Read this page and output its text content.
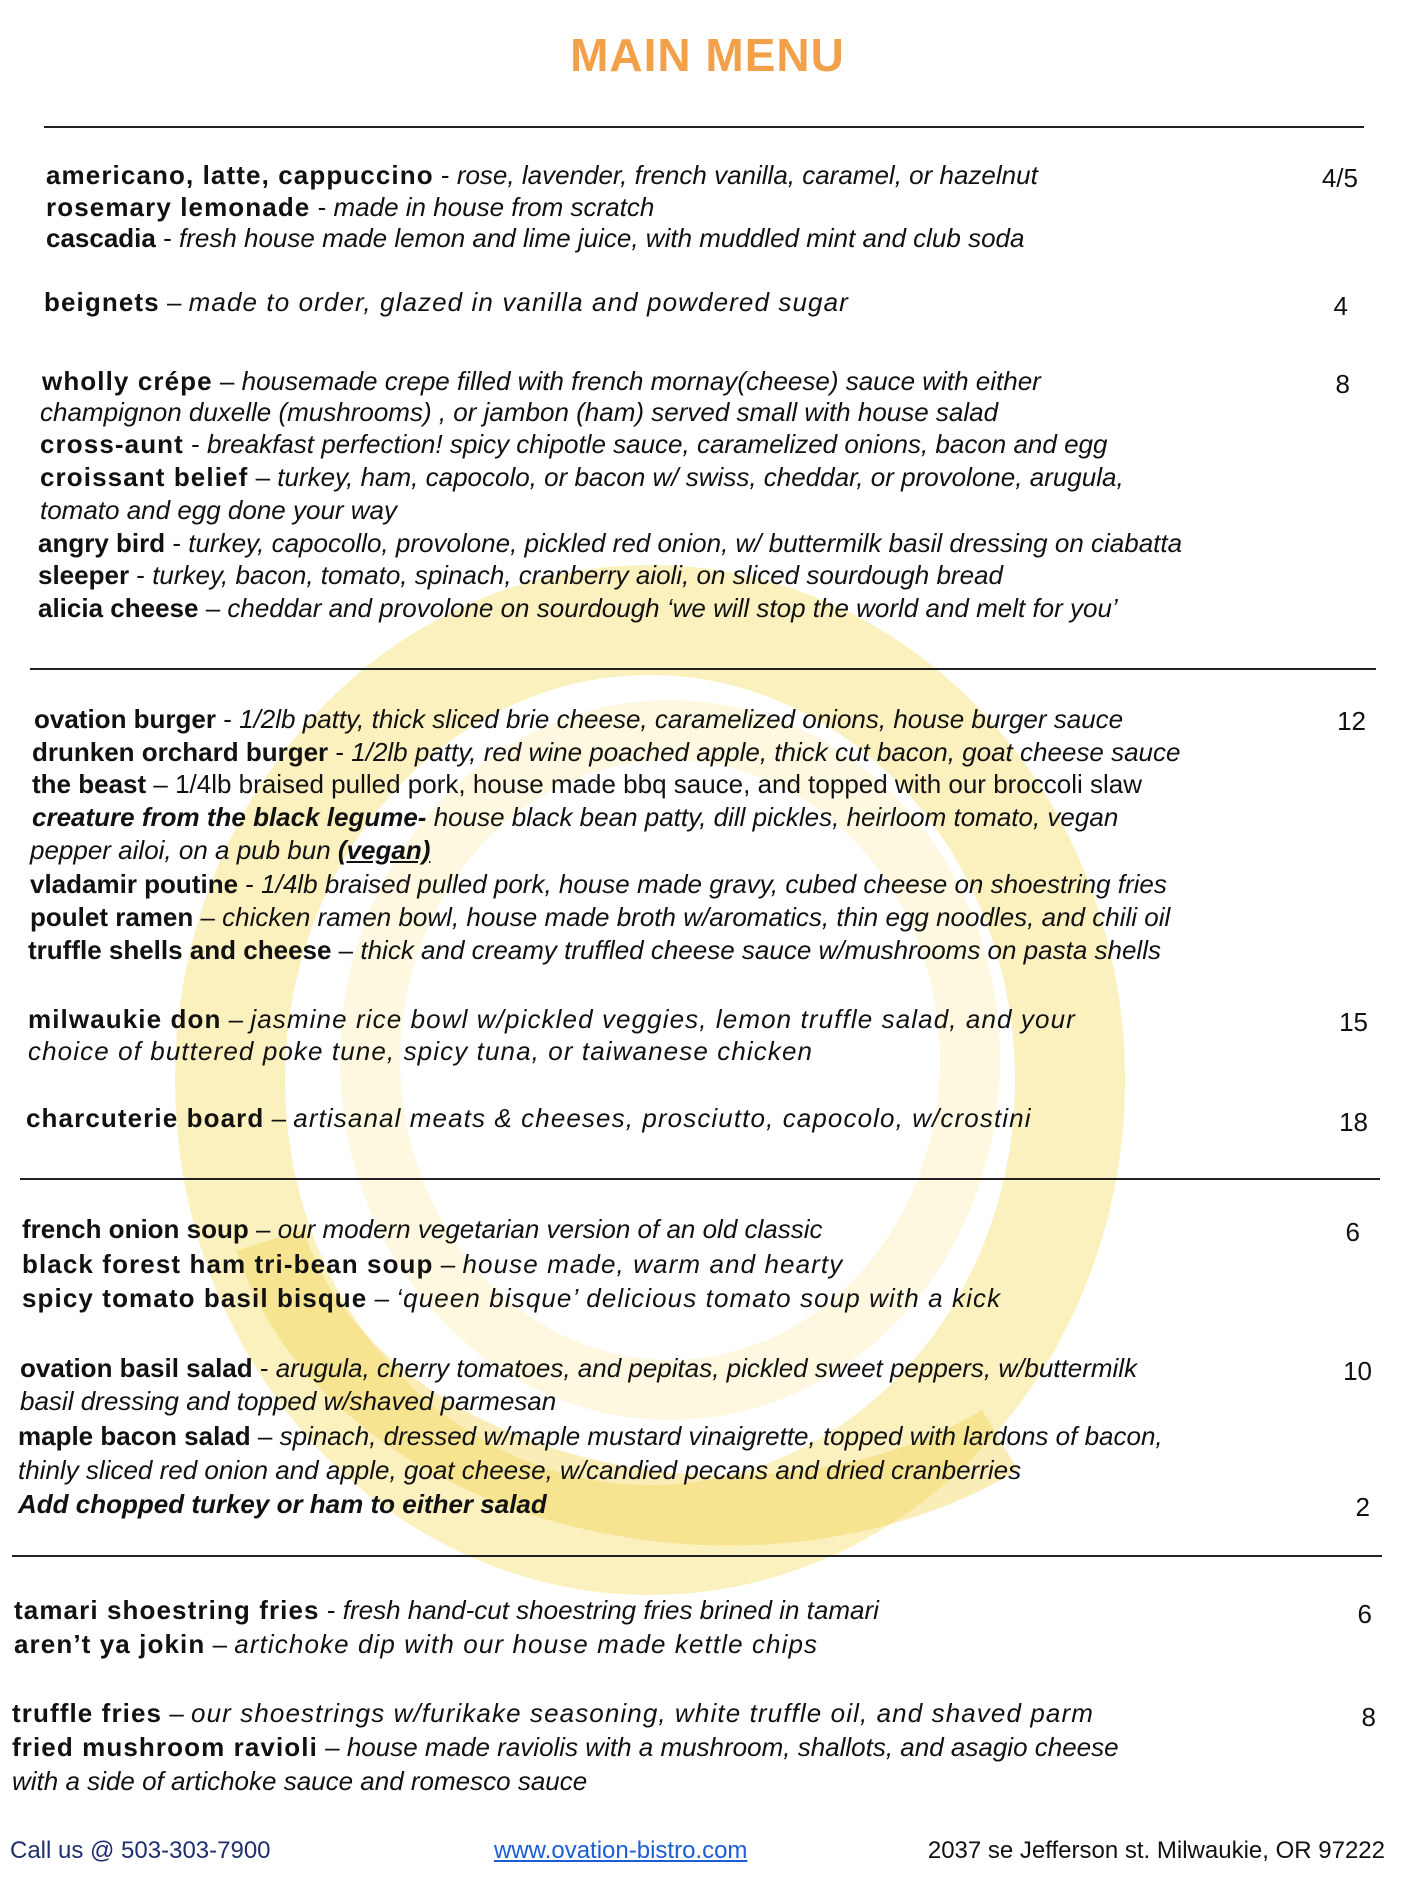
MAIN MENU
americano, latte, cappuccino - rose, lavender, french vanilla, caramel, or hazelnut	4/5
rosemary lemonade - made in house from scratch
cascadia - fresh house made lemon and lime juice, with muddled mint and club soda
beignets – made to order, glazed in vanilla and powdered sugar	4
wholly crépe – housemade crepe filled with french mornay(cheese) sauce with either	8
champignon duxelle (mushrooms) , or jambon (ham) served small with house salad
cross-aunt - breakfast perfection! spicy chipotle sauce, caramelized onions, bacon and egg
croissant belief – turkey, ham, capocolo, or bacon w/ swiss, cheddar, or provolone, arugula,
tomato and egg done your way
angry bird - turkey, capocollo, provolone, pickled red onion, w/ buttermilk basil dressing on ciabatta
sleeper - turkey, bacon, tomato, spinach, cranberry aioli, on sliced sourdough bread
alicia cheese – cheddar and provolone on sourdough ‘we will stop the world and melt for you’
ovation burger - 1/2lb patty, thick sliced brie cheese, caramelized onions, house burger sauce	12
drunken orchard burger - 1/2lb patty, red wine poached apple, thick cut bacon, goat cheese sauce
the beast – 1/4lb braised pulled pork, house made bbq sauce, and topped with our broccoli slaw
creature from the black legume- house black bean patty, dill pickles, heirloom tomato, vegan
pepper ailoi, on a pub bun (vegan)
vladamir poutine - 1/4lb braised pulled pork, house made gravy, cubed cheese on shoestring fries
poulet ramen – chicken ramen bowl, house made broth w/aromatics, thin egg noodles, and chili oil
truffle shells and cheese – thick and creamy truffled cheese sauce w/mushrooms on pasta shells
milwaukie don – jasmine rice bowl w/pickled veggies, lemon truffle salad, and your	15
choice of buttered poke tune, spicy tuna, or taiwanese chicken
charcuterie board – artisanal meats & cheeses, prosciutto, capocolo, w/crostini	18
french onion soup – our modern vegetarian version of an old classic	6
black forest ham tri-bean soup – house made, warm and hearty
spicy tomato basil bisque – ‘queen bisque’ delicious tomato soup with a kick
ovation basil salad - arugula, cherry tomatoes, and pepitas, pickled sweet peppers, w/buttermilk	10
basil dressing and topped w/shaved parmesan
maple bacon salad – spinach, dressed w/maple mustard vinaigrette, topped with lardons of bacon,
thinly sliced red onion and apple, goat cheese, w/candied pecans and dried cranberries
Add chopped turkey or ham to either salad	2
tamari shoestring fries - fresh hand-cut shoestring fries brined in tamari	6
aren’t ya jokin – artichoke dip with our house made kettle chips
truffle fries – our shoestrings w/furikake seasoning, white truffle oil, and shaved parm	8
fried mushroom ravioli – house made raviolis with a mushroom, shallots, and asagio cheese
with a side of artichoke sauce and romesco sauce
Call us @ 503-303-7900	www.ovation-bistro.com	2037 se Jefferson st. Milwaukie, OR 97222
